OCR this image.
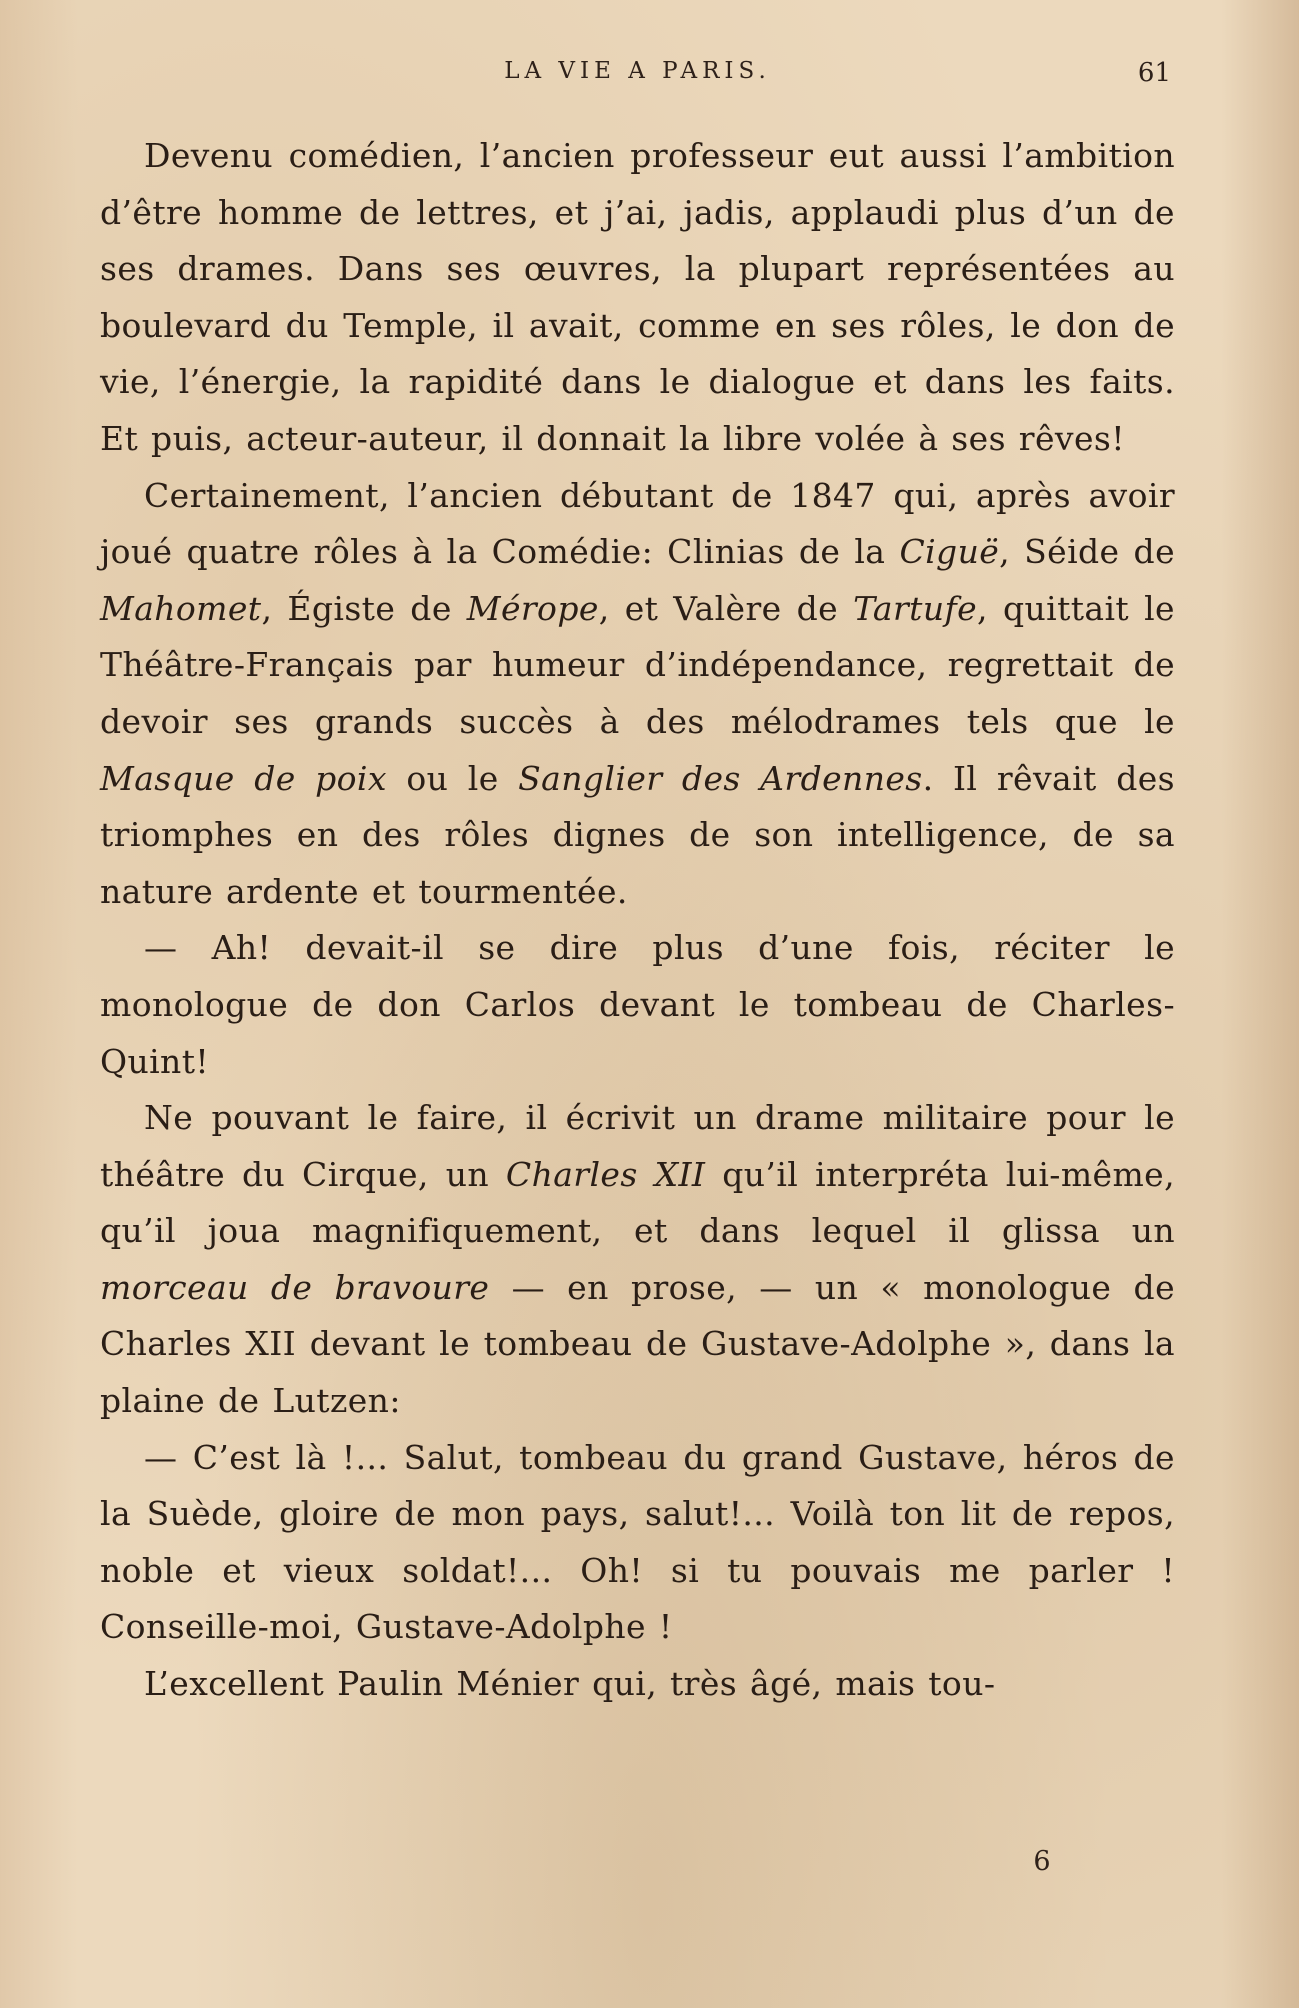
LA VIE A PARIS.	61

Devenu comédien, l’ancien professeur eut aussi l’ambition d’être homme de lettres, et j’ai, jadis, applaudi plus d’un de ses drames. Dans ses œuvres, la plupart représentées au boulevard du Temple, il avait, comme en ses rôles, le don de vie, l’énergie, la rapidité dans le dialogue et dans les faits. Et puis, acteur-auteur, il donnait la libre volée à ses rêves!

Certainement, l’ancien débutant de 1847 qui, après avoir joué quatre rôles à la Comédie: Clinias de la Ciguë, Séide de Mahomet, Égiste de Mérope, et Valère de Tartufe, quittait le Théâtre-Français par humeur d’indépendance, regrettait de devoir ses grands succès à des mélodrames tels que le Masque de poix ou le Sanglier des Ardennes. Il rêvait des triomphes en des rôles dignes de son intelligence, de sa nature ardente et tourmentée.

— Ah! devait-il se dire plus d’une fois, réciter le monologue de don Carlos devant le tombeau de Charles-Quint!

Ne pouvant le faire, il écrivit un drame militaire pour le théâtre du Cirque, un Charles XII qu’il interpréta lui-même, qu’il joua magnifiquement, et dans lequel il glissa un morceau de bravoure — en prose, — un « monologue de Charles XII devant le tombeau de Gustave-Adolphe », dans la plaine de Lutzen:

— C’est là !... Salut, tombeau du grand Gustave, héros de la Suède, gloire de mon pays, salut!... Voilà ton lit de repos, noble et vieux soldat!... Oh! si tu pouvais me parler ! Conseille-moi, Gustave-Adolphe !

L’excellent Paulin Ménier qui, très âgé, mais tou-

6
